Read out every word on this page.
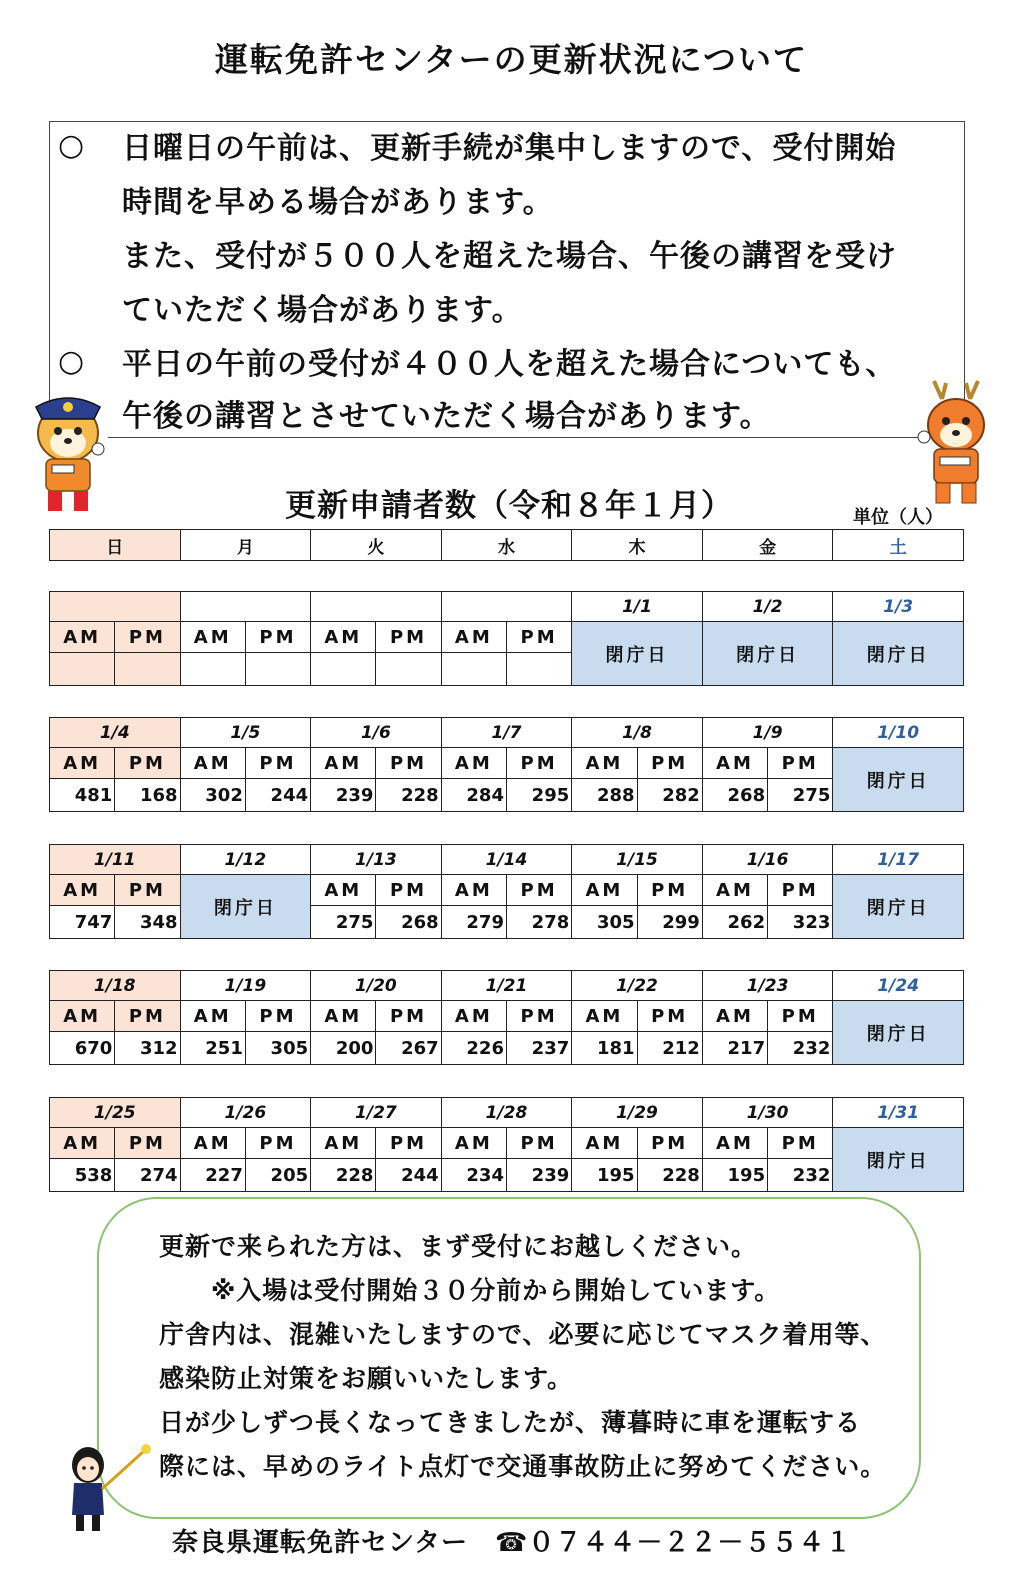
運転免許センターの更新状況について
○ 日曜日の午前は、更新手続が集中しますので、受付開始

時間を早める場合があります。

また、受付が５００人を超えた場合、午後の講習を受け

ていただく場合があります。

○ 平日の午前の受付が４００人を超えた場合についても、

午後の講習とさせていただく場合があります。

更新申請者数（令和８年１月）	単位（人）
日	月	火	水	木	金	土
								1/1	1/2	1/3
AM	PM	AM	PM	AM	PM	AM	PM	閉庁日	閉庁日	閉庁日

1/4		1/5		1/6		1/7		1/8		1/9		1/10
AM	PM	AM	PM	AM	PM	AM	PM	AM	PM	AM	PM	閉庁日
481	168	302	244	239	228	284	295	288	282	268	275	
1/11		1/12	1/13		1/14		1/15		1/16		1/17
AM	PM	閉庁日	AM	PM	AM	PM	AM	PM	AM	PM	閉庁日
747	348		275	268	279	278	305	299	262	323	
1/18		1/19		1/20		1/21		1/22		1/23		1/24
AM	PM	AM	PM	AM	PM	AM	PM	AM	PM	AM	PM	閉庁日
670	312	251	305	200	267	226	237	181	212	217	232	
1/25		1/26		1/27		1/28		1/29		1/30		1/31
AM	PM	AM	PM	AM	PM	AM	PM	AM	PM	AM	PM	閉庁日
538	274	227	205	228	244	234	239	195	228	195	232	

更新で来られた方は、まず受付にお越しください。

※入場は受付開始３０分前から開始しています。

庁舎内は、混雑いたしますので、必要に応じてマスク着用等、

感染防止対策をお願いいたします。

日が少しずつ長くなってきましたが、薄暮時に車を運転する

際には、早めのライト点灯で交通事故防止に努めてください。

奈良県運転免許センター　☎０７４４－２２－５５４１
